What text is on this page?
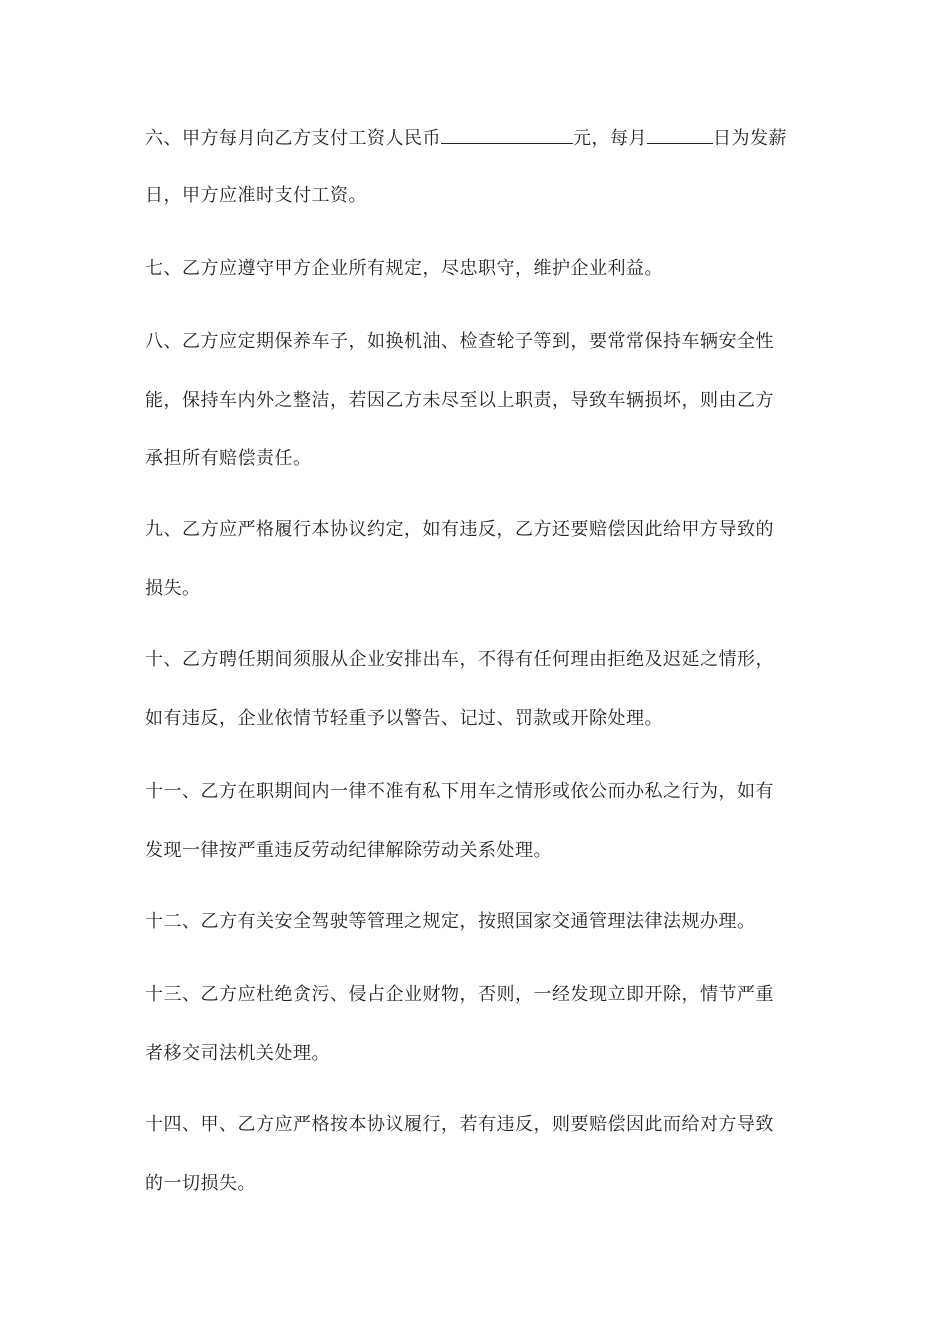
六、甲方每月向乙方支付工资人民币	元，每月	日为发薪
日，甲方应准时支付工资。
七、乙方应遵守甲方企业所有规定，尽忠职守，维护企业利益。
八、乙方应定期保养车子，如换机油、检查轮子等到，要常常保持车辆安全性
能，保持车内外之整洁，若因乙方未尽至以上职责，导致车辆损坏，则由乙方
承担所有赔偿责任。
九、乙方应严格履行本协议约定，如有违反，乙方还要赔偿因此给甲方导致的
损失。
十、乙方聘任期间须服从企业安排出车，不得有任何理由拒绝及迟延之情形，
如有违反，企业依情节轻重予以警告、记过、罚款或开除处理。
十一、乙方在职期间内一律不准有私下用车之情形或依公而办私之行为，如有
发现一律按严重违反劳动纪律解除劳动关系处理。
十二、乙方有关安全驾驶等管理之规定，按照国家交通管理法律法规办理。
十三、乙方应杜绝贪污、侵占企业财物，否则，一经发现立即开除，情节严重
者移交司法机关处理。
十四、甲、乙方应严格按本协议履行，若有违反，则要赔偿因此而给对方导致
的一切损失。
